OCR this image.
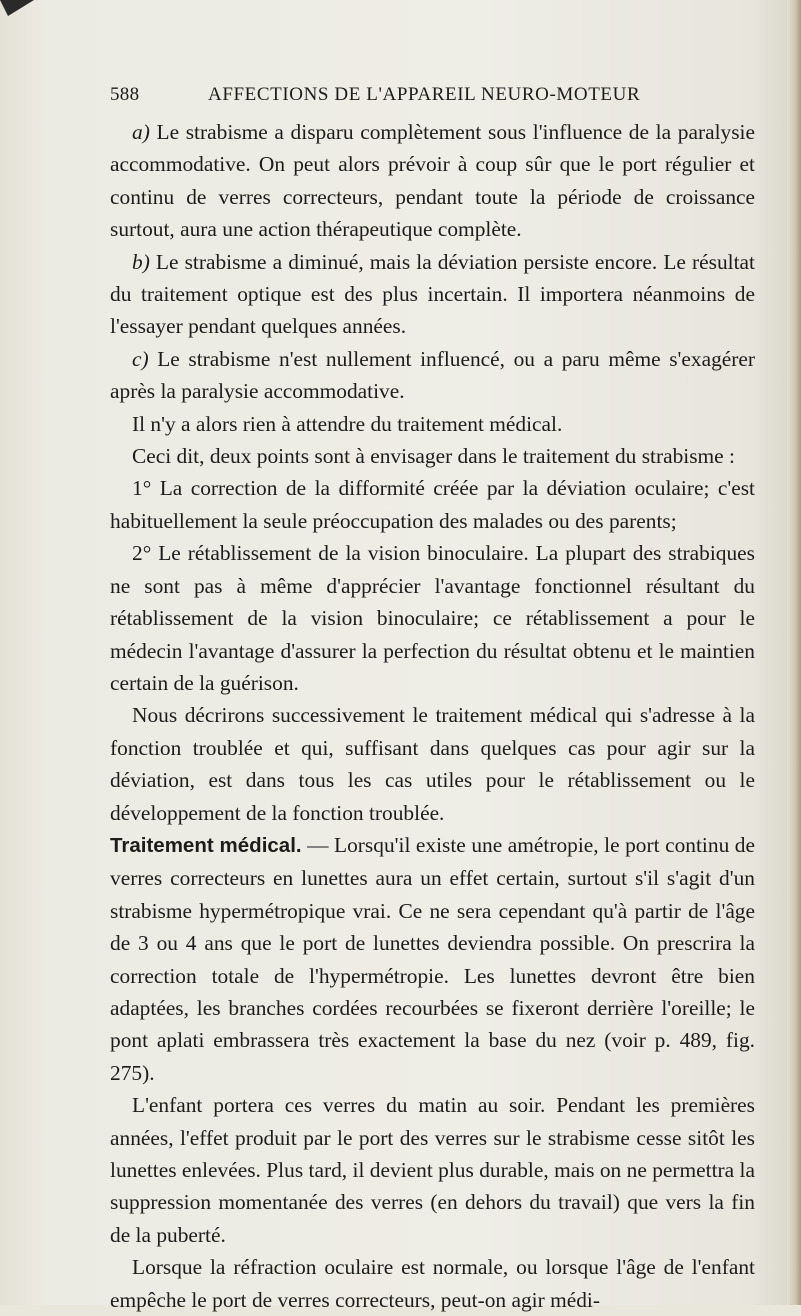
588	AFFECTIONS DE L'APPAREIL NEURO-MOTEUR

a) Le strabisme a disparu complètement sous l'influence de la paralysie accommodative. On peut alors prévoir à coup sûr que le port régulier et continu de verres correcteurs, pendant toute la période de croissance surtout, aura une action thérapeutique complète.

b) Le strabisme a diminué, mais la déviation persiste encore. Le résultat du traitement optique est des plus incertain. Il importera néanmoins de l'essayer pendant quelques années.

c) Le strabisme n'est nullement influencé, ou a paru même s'exagérer après la paralysie accommodative.

Il n'y a alors rien à attendre du traitement médical.

Ceci dit, deux points sont à envisager dans le traitement du strabisme :

1° La correction de la difformité créée par la déviation oculaire; c'est habituellement la seule préoccupation des malades ou des parents;

2° Le rétablissement de la vision binoculaire. La plupart des strabiques ne sont pas à même d'apprécier l'avantage fonctionnel résultant du rétablissement de la vision binoculaire; ce rétablissement a pour le médecin l'avantage d'assurer la perfection du résultat obtenu et le maintien certain de la guérison.

Nous décrirons successivement le traitement médical qui s'adresse à la fonction troublée et qui, suffisant dans quelques cas pour agir sur la déviation, est dans tous les cas utiles pour le rétablissement ou le développement de la fonction troublée.

Traitement médical. — Lorsqu'il existe une amétropie, le port continu de verres correcteurs en lunettes aura un effet certain, surtout s'il s'agit d'un strabisme hypermétropique vrai. Ce ne sera cependant qu'à partir de l'âge de 3 ou 4 ans que le port de lunettes deviendra possible. On prescrira la correction totale de l'hypermétropie. Les lunettes devront être bien adaptées, les branches cordées recourbées se fixeront derrière l'oreille; le pont aplati embrassera très exactement la base du nez (voir p. 489, fig. 275).

L'enfant portera ces verres du matin au soir. Pendant les premières années, l'effet produit par le port des verres sur le strabisme cesse sitôt les lunettes enlevées. Plus tard, il devient plus durable, mais on ne permettra la suppression momentanée des verres (en dehors du travail) que vers la fin de la puberté.

Lorsque la réfraction oculaire est normale, ou lorsque l'âge de l'enfant empêche le port de verres correcteurs, peut-on agir médi-
